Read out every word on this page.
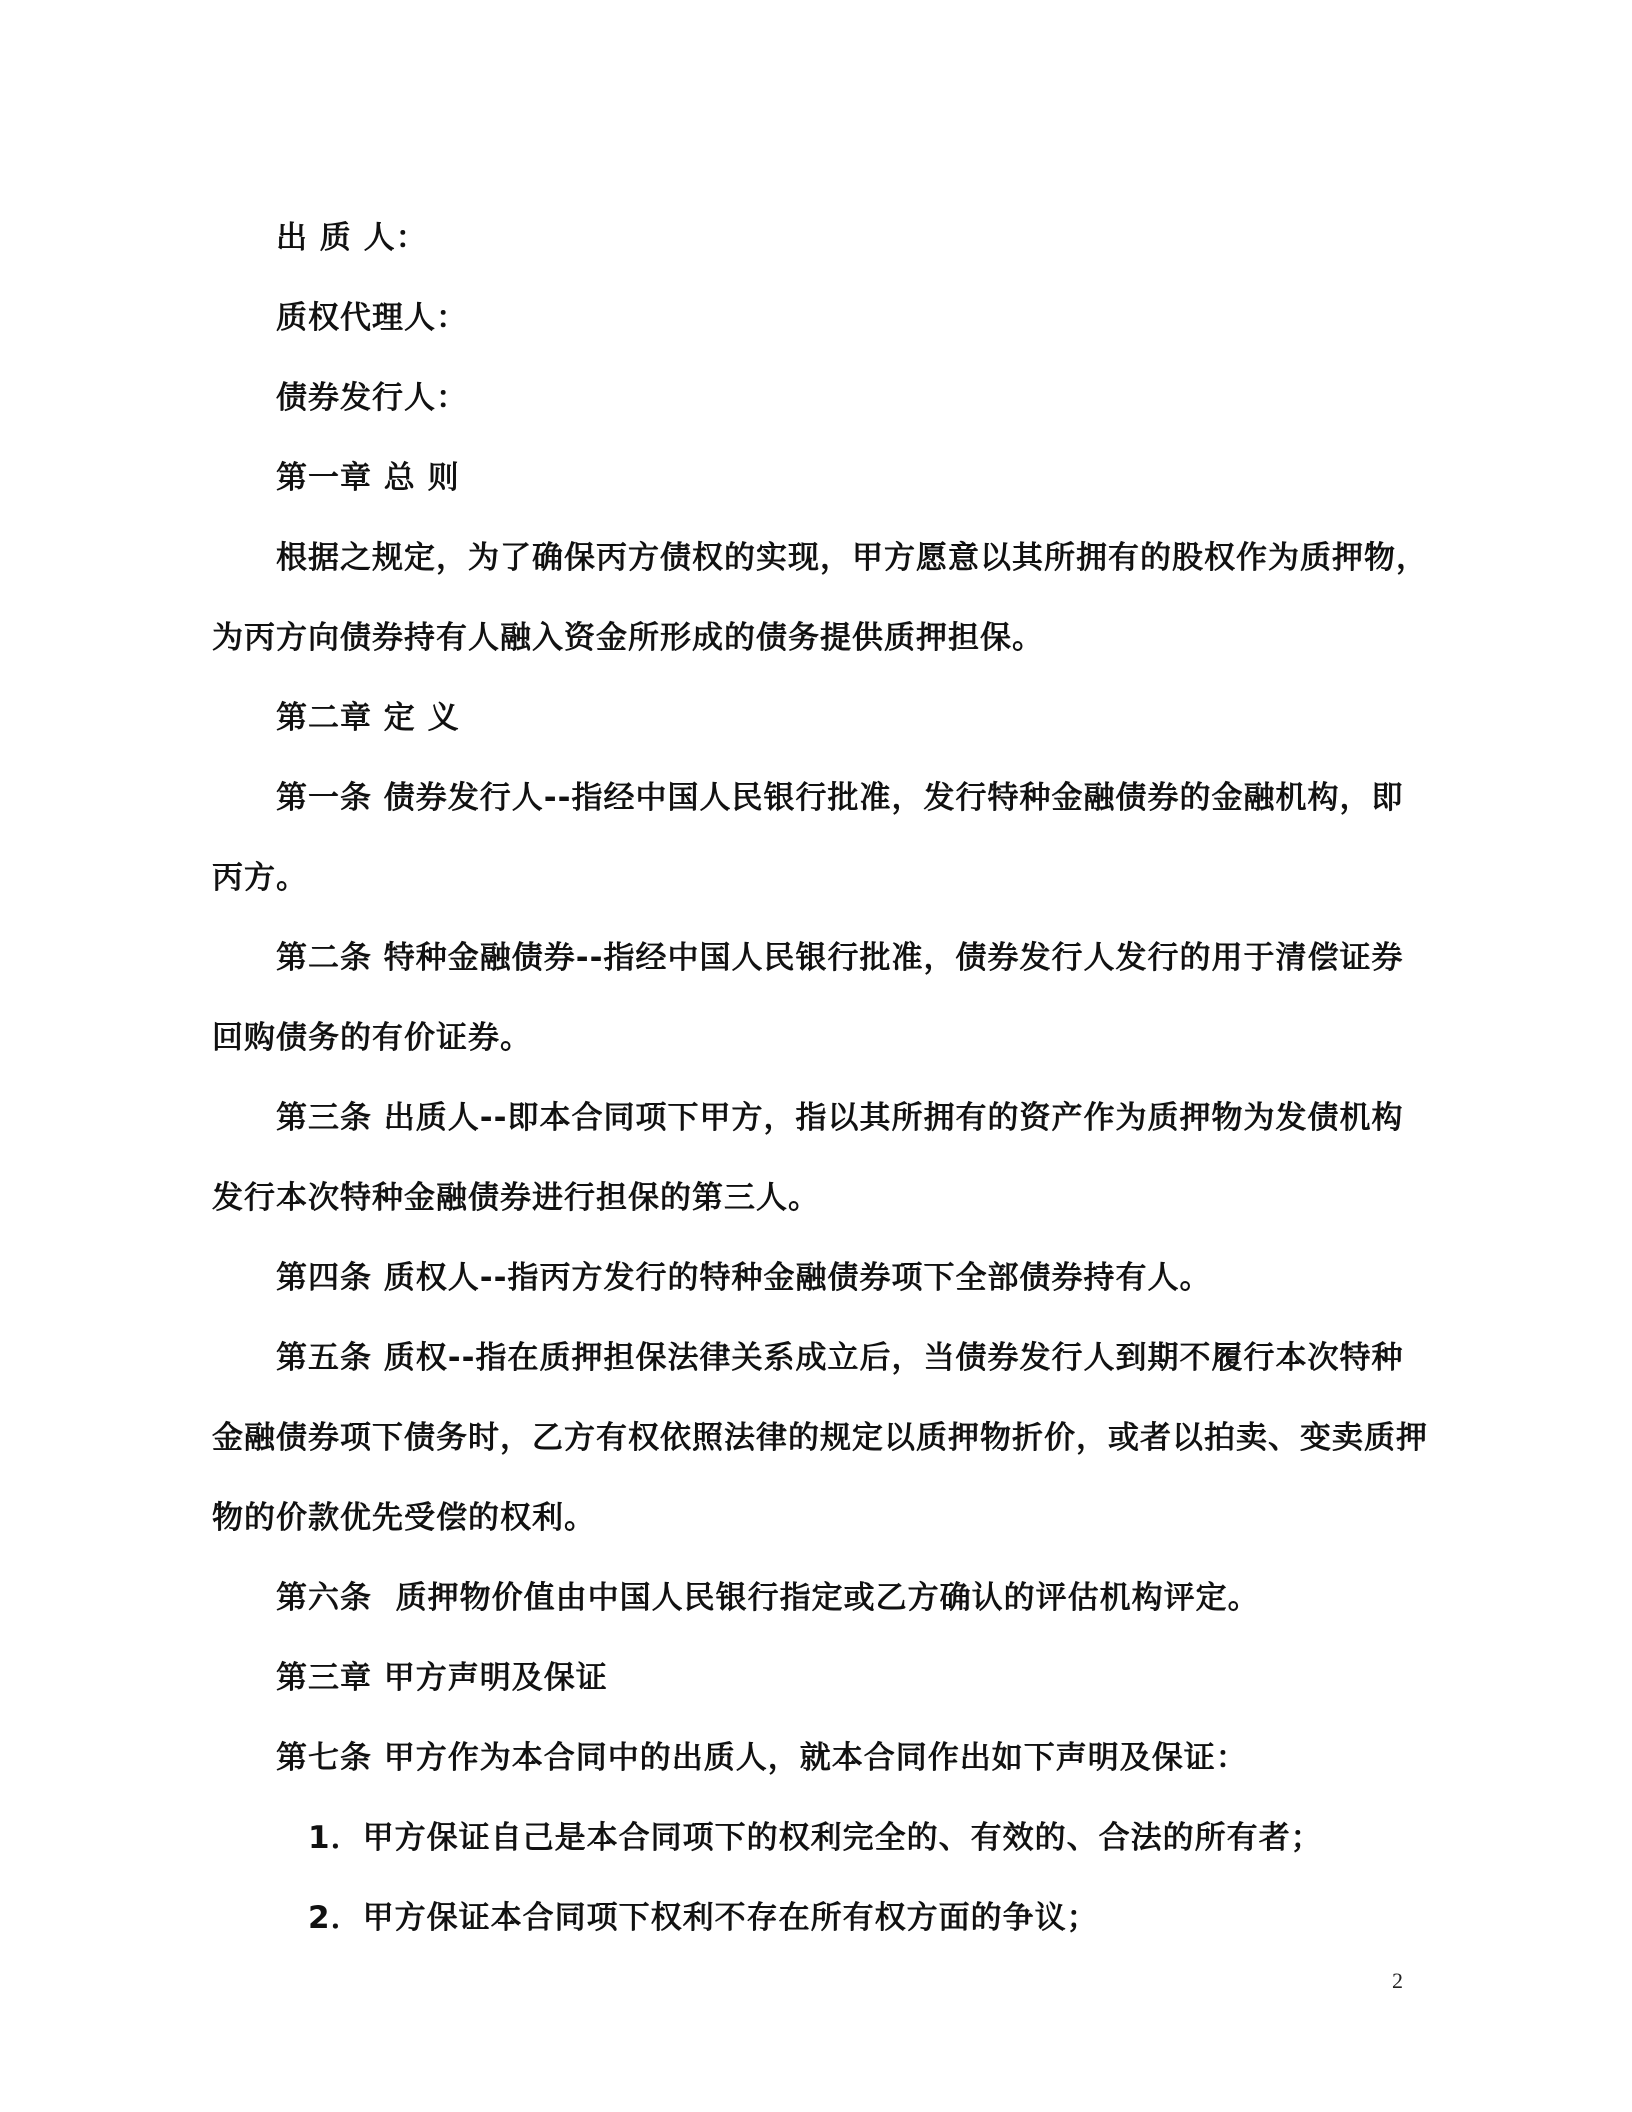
出 质 人：
质权代理人：
债券发行人：
第一章 总 则
根据之规定，为了确保丙方债权的实现，甲方愿意以其所拥有的股权作为质押物，
为丙方向债券持有人融入资金所形成的债务提供质押担保。
第二章 定 义
第一条 债券发行人--指经中国人民银行批准，发行特种金融债券的金融机构，即
丙方。
第二条 特种金融债券--指经中国人民银行批准，债券发行人发行的用于清偿证券
回购债务的有价证券。
第三条 出质人--即本合同项下甲方，指以其所拥有的资产作为质押物为发债机构
发行本次特种金融债券进行担保的第三人。
第四条 质权人--指丙方发行的特种金融债券项下全部债券持有人。
第五条 质权--指在质押担保法律关系成立后，当债券发行人到期不履行本次特种
金融债券项下债务时，乙方有权依照法律的规定以质押物折价，或者以拍卖、变卖质押
物的价款优先受偿的权利。
第六条  质押物价值由中国人民银行指定或乙方确认的评估机构评定。
第三章 甲方声明及保证
第七条 甲方作为本合同中的出质人，就本合同作出如下声明及保证：
1．甲方保证自己是本合同项下的权利完全的、有效的、合法的所有者；
2．甲方保证本合同项下权利不存在所有权方面的争议；
2
